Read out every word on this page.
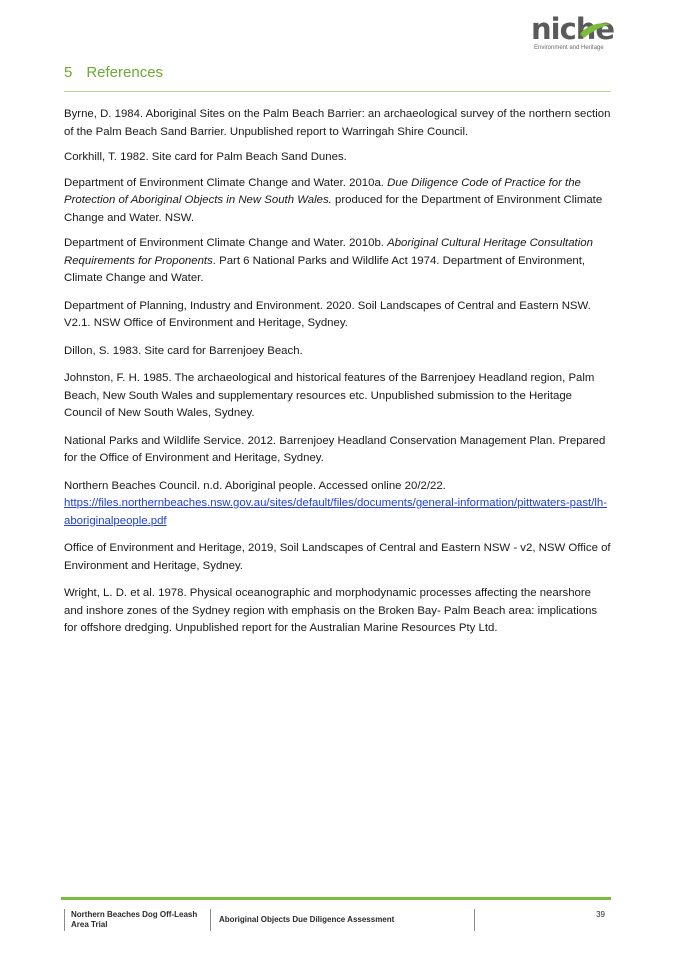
niche
Environment and Heritage
5 References

Byrne, D. 1984. Aboriginal Sites on the Palm Beach Barrier: an archaeological survey of the northern section of the Palm Beach Sand Barrier. Unpublished report to Warringah Shire Council.

Corkhill, T. 1982. Site card for Palm Beach Sand Dunes.

Department of Environment Climate Change and Water. 2010a. Due Diligence Code of Practice for the Protection of Aboriginal Objects in New South Wales. produced for the Department of Environment Climate Change and Water. NSW.

Department of Environment Climate Change and Water. 2010b. Aboriginal Cultural Heritage Consultation Requirements for Proponents. Part 6 National Parks and Wildlife Act 1974. Department of Environment, Climate Change and Water.

Department of Planning, Industry and Environment. 2020. Soil Landscapes of Central and Eastern NSW. V2.1. NSW Office of Environment and Heritage, Sydney.

Dillon, S. 1983. Site card for Barrenjoey Beach.

Johnston, F. H. 1985. The archaeological and historical features of the Barrenjoey Headland region, Palm Beach, New South Wales and supplementary resources etc. Unpublished submission to the Heritage Council of New South Wales, Sydney.

National Parks and Wildlife Service. 2012. Barrenjoey Headland Conservation Management Plan. Prepared for the Office of Environment and Heritage, Sydney.

Northern Beaches Council. n.d. Aboriginal people. Accessed online 20/2/22.
https://files.northernbeaches.nsw.gov.au/sites/default/files/documents/general-information/pittwaters-past/lh-aboriginalpeople.pdf

Office of Environment and Heritage, 2019, Soil Landscapes of Central and Eastern NSW - v2, NSW Office of Environment and Heritage, Sydney.

Wright, L. D. et al. 1978. Physical oceanographic and morphodynamic processes affecting the nearshore and inshore zones of the Sydney region with emphasis on the Broken Bay- Palm Beach area: implications for offshore dredging. Unpublished report for the Australian Marine Resources Pty Ltd.

Northern Beaches Dog Off-Leash Area Trial
Aboriginal Objects Due Diligence Assessment
39
